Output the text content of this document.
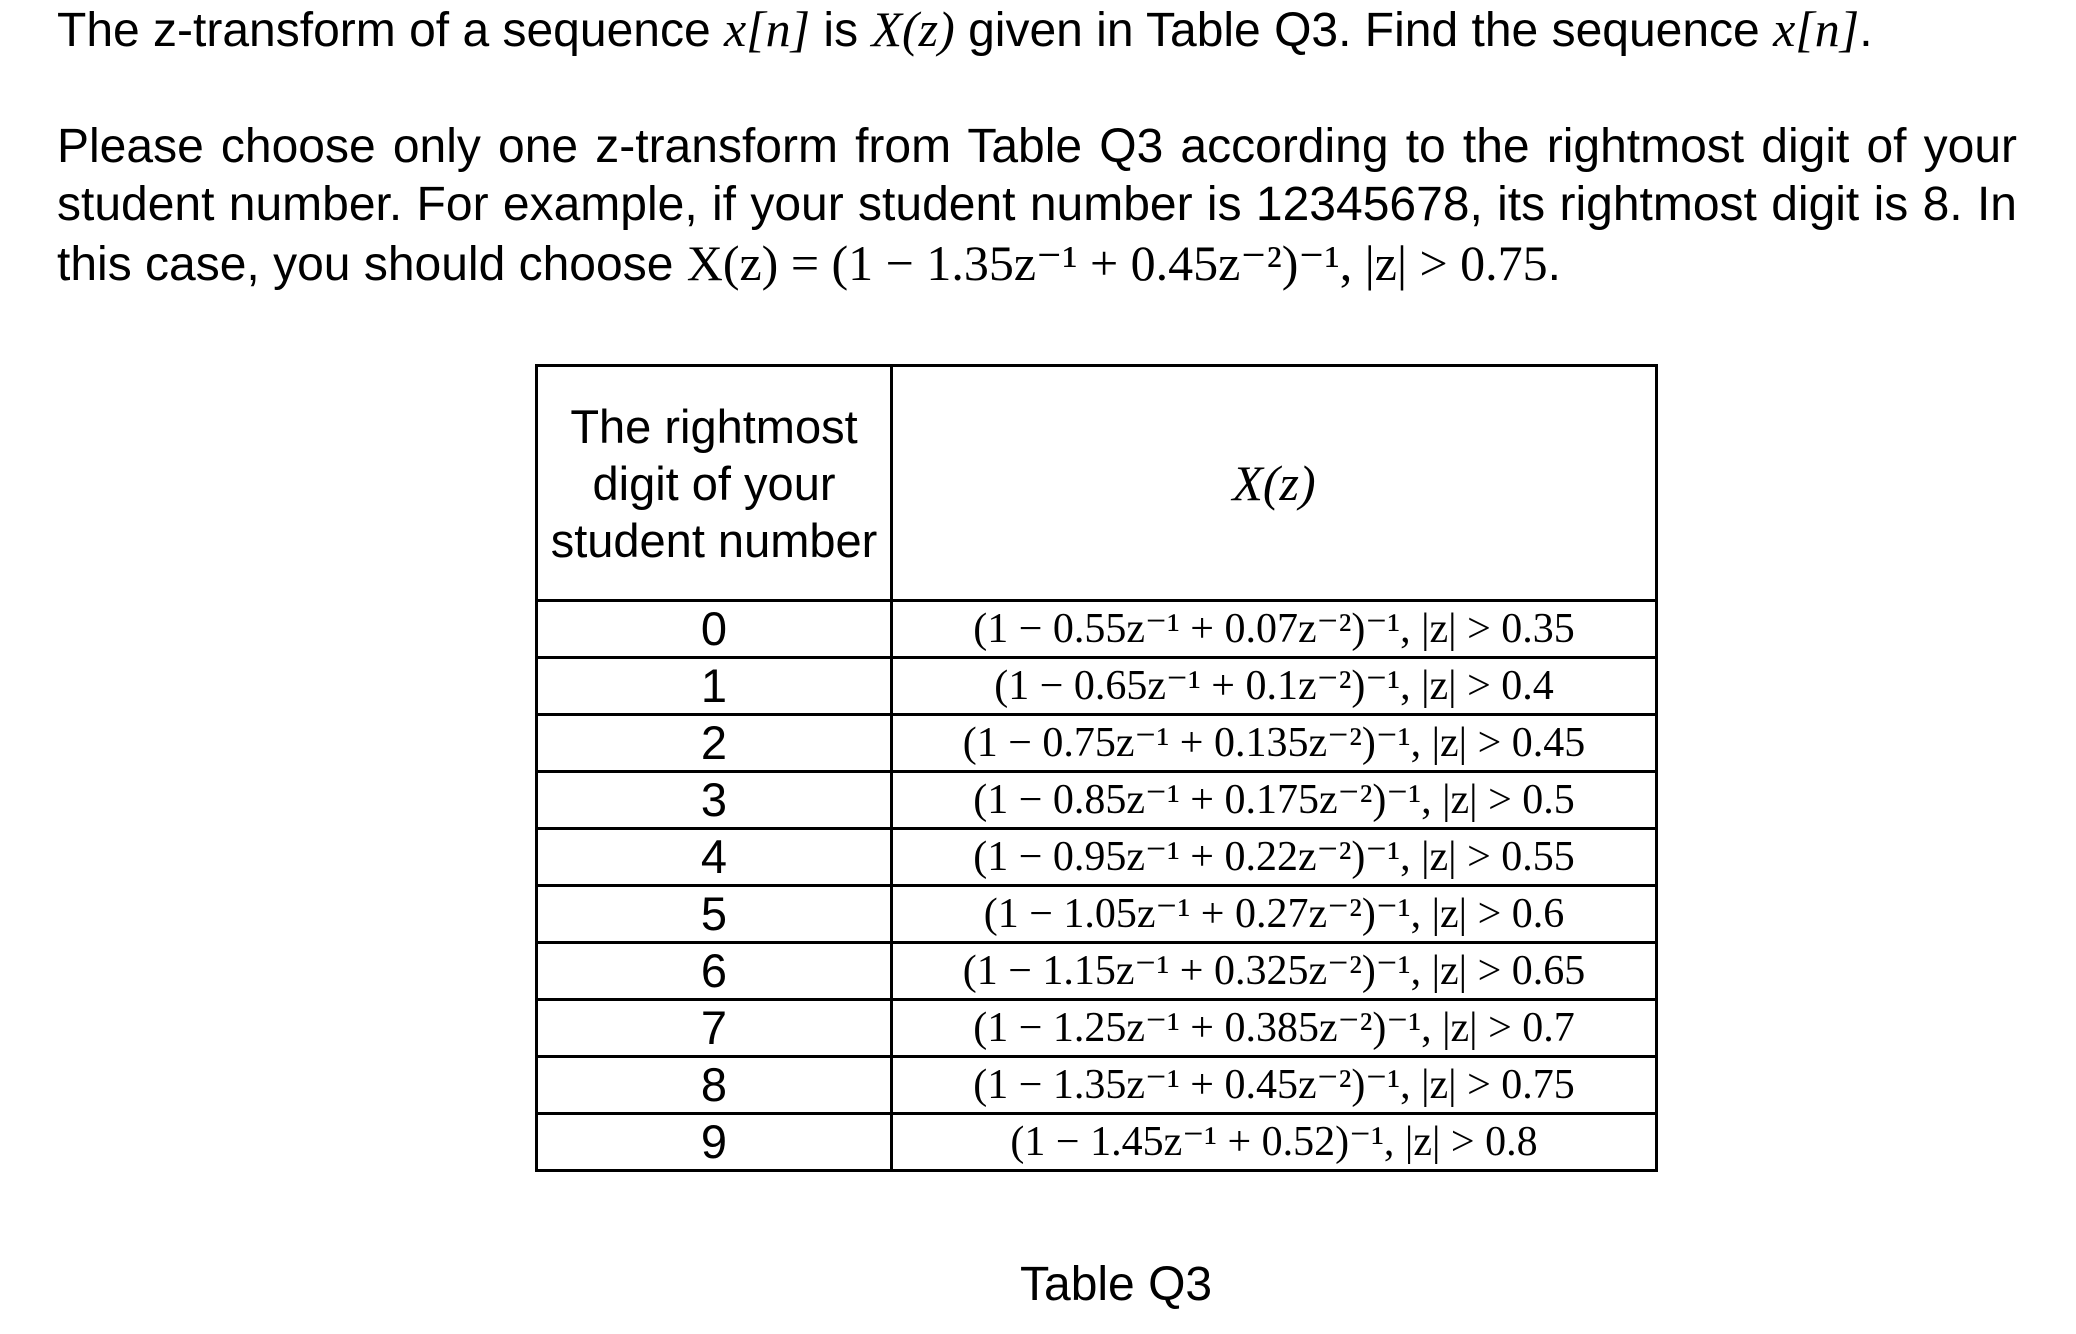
The z-transform of a sequence x[n] is X(z) given in Table Q3. Find the sequence x[n].

Please choose only one z-transform from Table Q3 according to the rightmost digit of your student number. For example, if your student number is 12345678, its rightmost digit is 8. In this case, you should choose X(z) = (1 − 1.35z⁻¹ + 0.45z⁻²)⁻¹, |z| > 0.75.

The rightmost digit of your student number	X(z)
0	(1 − 0.55z⁻¹ + 0.07z⁻²)⁻¹, |z| > 0.35
1	(1 − 0.65z⁻¹ + 0.1z⁻²)⁻¹, |z| > 0.4
2	(1 − 0.75z⁻¹ + 0.135z⁻²)⁻¹, |z| > 0.45
3	(1 − 0.85z⁻¹ + 0.175z⁻²)⁻¹, |z| > 0.5
4	(1 − 0.95z⁻¹ + 0.22z⁻²)⁻¹, |z| > 0.55
5	(1 − 1.05z⁻¹ + 0.27z⁻²)⁻¹, |z| > 0.6
6	(1 − 1.15z⁻¹ + 0.325z⁻²)⁻¹, |z| > 0.65
7	(1 − 1.25z⁻¹ + 0.385z⁻²)⁻¹, |z| > 0.7
8	(1 − 1.35z⁻¹ + 0.45z⁻²)⁻¹, |z| > 0.75
9	(1 − 1.45z⁻¹ + 0.52)⁻¹, |z| > 0.8
Table Q3
